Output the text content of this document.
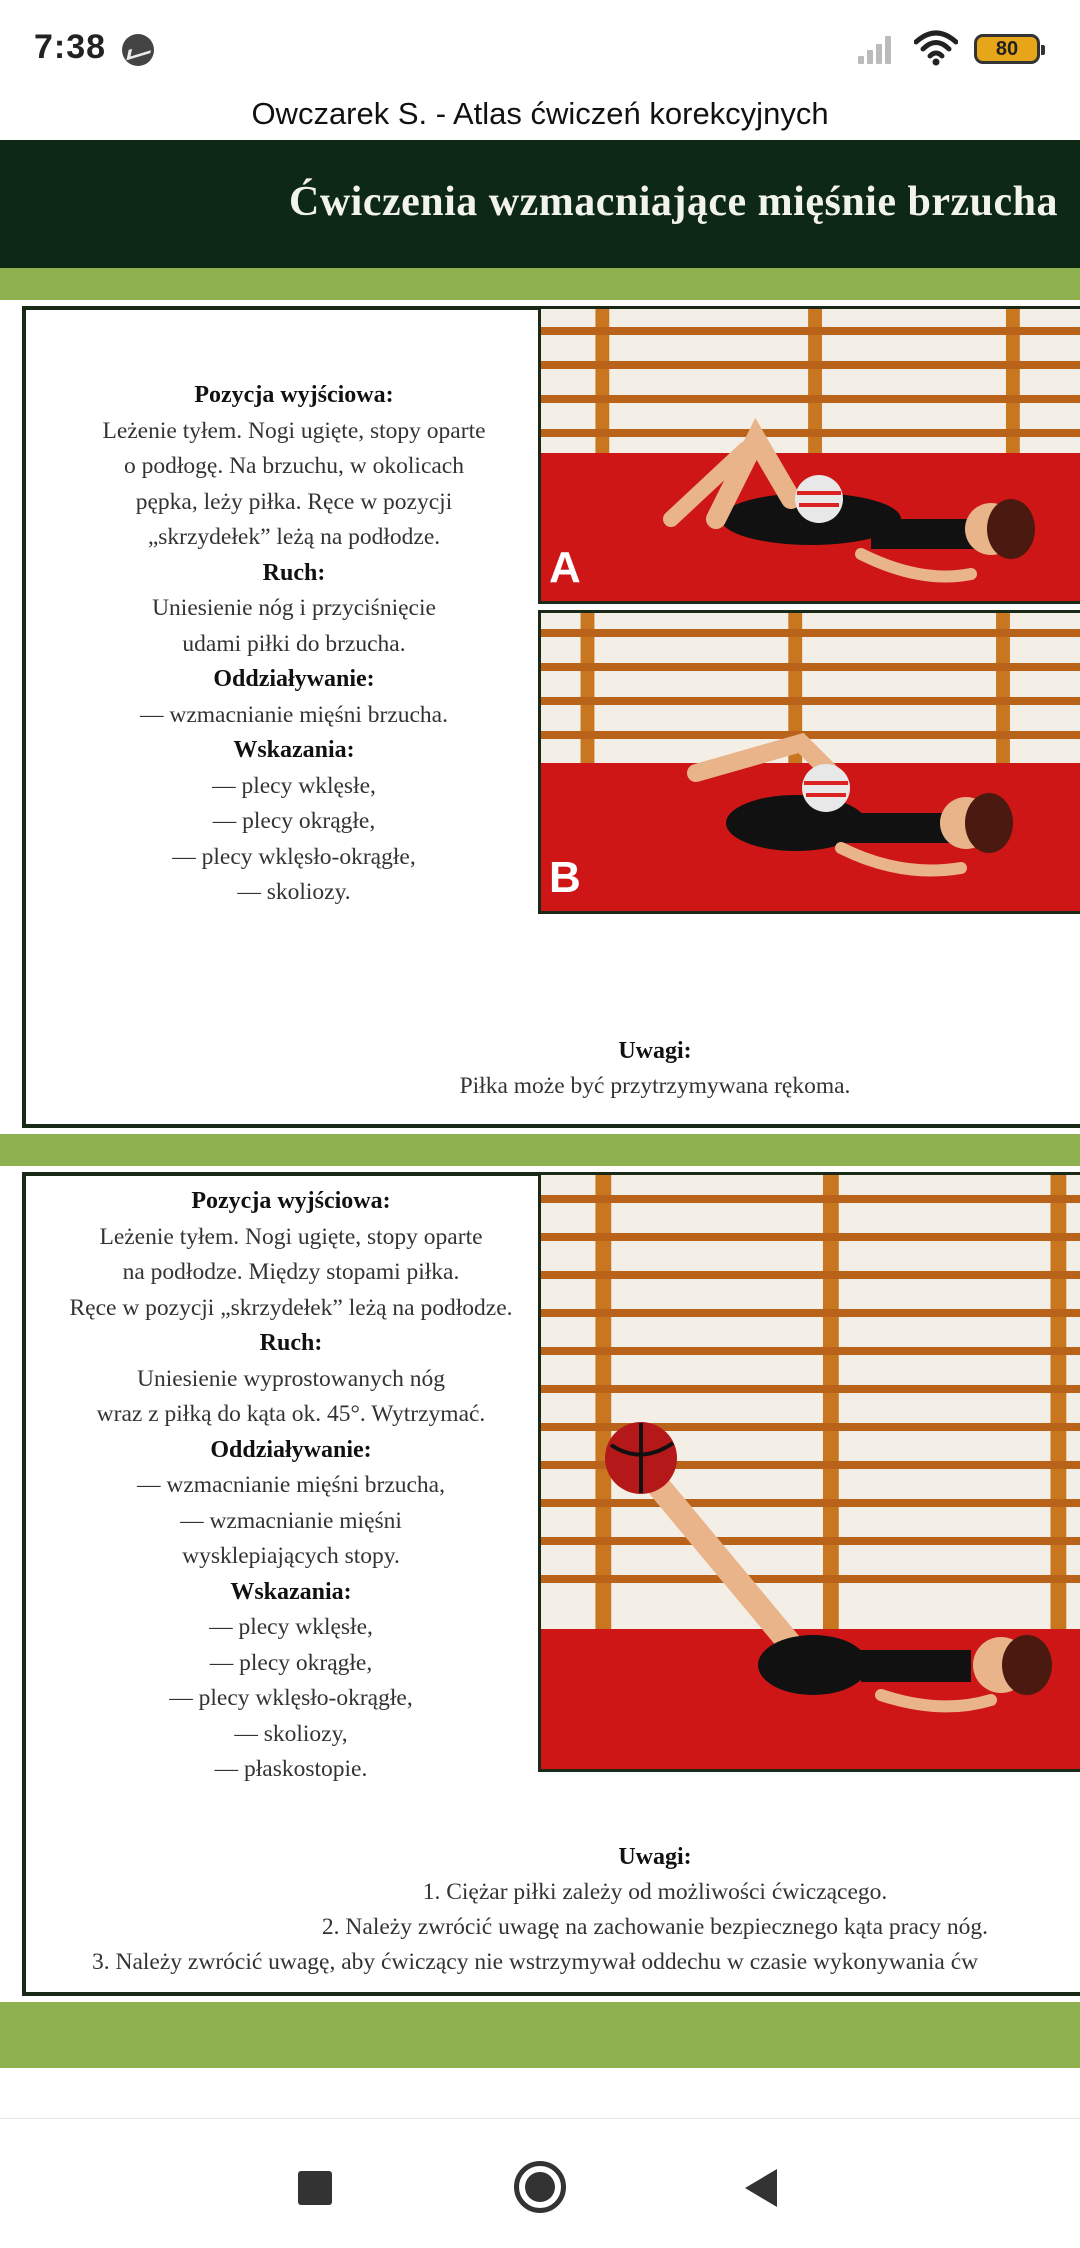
7:38	80
Owczarek S. - Atlas ćwiczeń korekcyjnych
Ćwiczenia wzmacniające mięśnie brzucha
Pozycja wyjściowa:
Leżenie tyłem. Nogi ugięte, stopy oparte
o podłogę. Na brzuchu, w okolicach
pępka, leży piłka. Ręce w pozycji
„skrzydełek” leżą na podłodze.
Ruch:
Uniesienie nóg i przyciśnięcie
udami piłki do brzucha.
Oddziaływanie:
— wzmacnianie mięśni brzucha.
Wskazania:
— plecy wklęsłe,
— plecy okrągłe,
— plecy wklęsło-okrągłe,
— skoliozy.
A
B
Uwagi:
Piłka może być przytrzymywana rękoma.
Pozycja wyjściowa:
Leżenie tyłem. Nogi ugięte, stopy oparte
na podłodze. Między stopami piłka.
Ręce w pozycji „skrzydełek” leżą na podłodze.
Ruch:
Uniesienie wyprostowanych nóg
wraz z piłką do kąta ok. 45°. Wytrzymać.
Oddziaływanie:
— wzmacnianie mięśni brzucha,
— wzmacnianie mięśni
wysklepiających stopy.
Wskazania:
— plecy wklęsłe,
— plecy okrągłe,
— plecy wklęsło-okrągłe,
— skoliozy,
— płaskostopie.
Uwagi:
1. Ciężar piłki zależy od możliwości ćwiczącego.
2. Należy zwrócić uwagę na zachowanie bezpiecznego kąta pracy nóg.
3. Należy zwrócić uwagę, aby ćwiczący nie wstrzymywał oddechu w czasie wykonywania ćw
